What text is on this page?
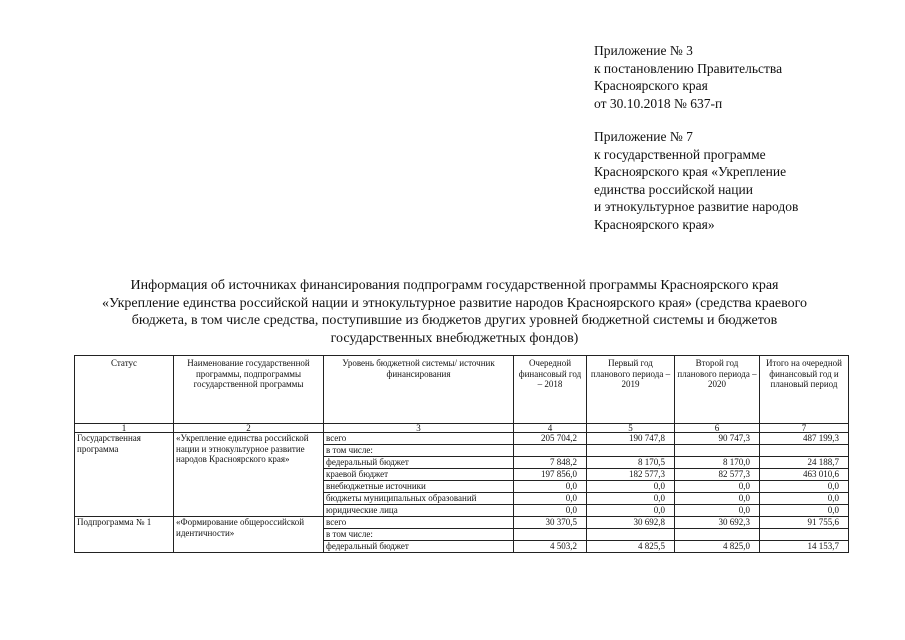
Приложение № 3
к постановлению Правительства
Красноярского края
от 30.10.2018 № 637-п
Приложение № 7
к государственной программе
Красноярского края «Укрепление
единства российской нации
и этнокультурное развитие народов
Красноярского края»
Информация об источниках финансирования подпрограмм государственной программы Красноярского края
«Укрепление единства российской нации и этнокультурное развитие народов Красноярского края» (средства краевого
бюджета, в том числе средства, поступившие из бюджетов других уровней бюджетной системы и бюджетов
государственных внебюджетных фондов)
Статус	Наименование государственной программы, подпрограммы государственной программы	Уровень бюджетной системы/ источник финансирования	Очередной финансовый год – 2018	Первый год планового периода – 2019	Второй год планового периода – 2020	Итого на очередной финансовый год и плановый период
1	2	3	4	5	6	7
Государственная программа	«Укрепление единства российской нации и этнокультурное развитие народов Красноярского края»	всего	205 704,2	190 747,8	90 747,3	487 199,3
		в том числе:				
		федеральный бюджет	7 848,2	8 170,5	8 170,0	24 188,7
		краевой бюджет	197 856,0	182 577,3	82 577,3	463 010,6
		внебюджетные источники	0,0	0,0	0,0	0,0
		бюджеты муниципальных образований	0,0	0,0	0,0	0,0
		юридические лица	0,0	0,0	0,0	0,0
Подпрограмма № 1	«Формирование общероссийской идентичности»	всего	30 370,5	30 692,8	30 692,3	91 755,6
		в том числе:				
		федеральный бюджет	4 503,2	4 825,5	4 825,0	14 153,7
